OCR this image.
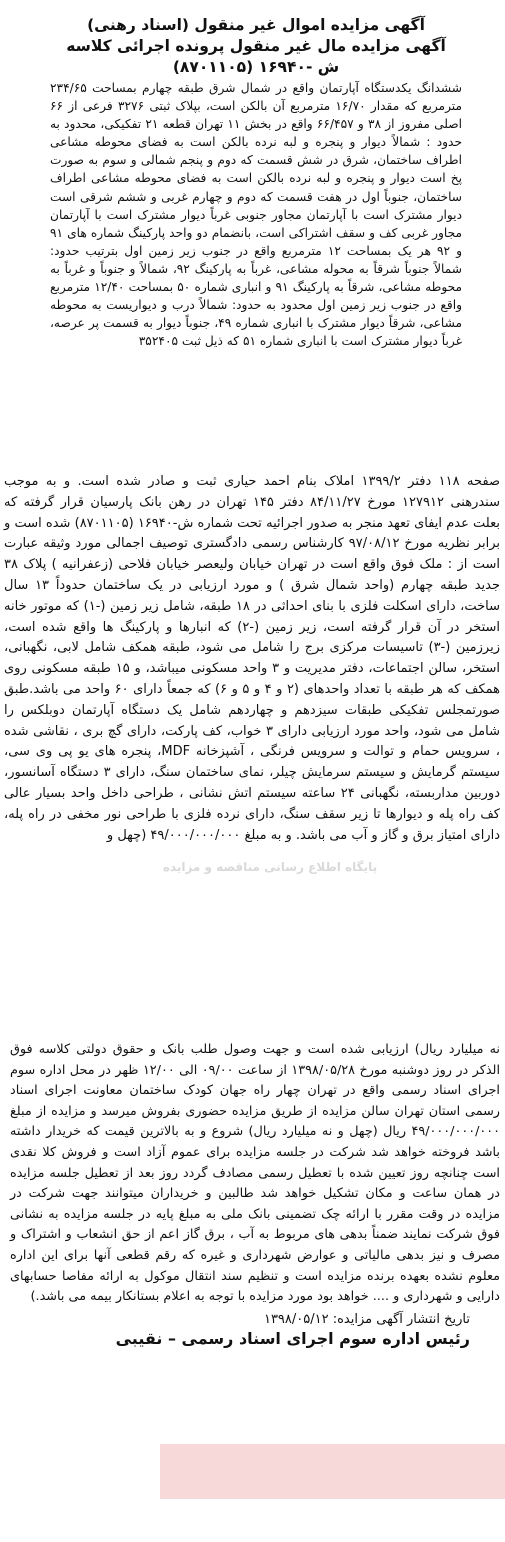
آگهی مزایده اموال غیر منقول (اسناد رهنی)
آگهی مزایده مال غیر منقول پرونده اجرائی کلاسه
ش -۱۶۹۴۰ (۸۷۰۱۱۰۵)

ششدانگ یکدستگاه آپارتمان واقع در شمال شرق طبقه چهارم بمساحت ۲۳۴/۶۵ مترمربع که مقدار ۱۶/۷۰ مترمربع آن بالکن است، بپلاک ثبتی ۳۲۷۶ فرعی از ۶۶ اصلی مفروز از ۳۸ و ۶۶/۴۵۷ واقع در بخش ۱۱ تهران قطعه ۲۱ تفکیکی، محدود به حدود : شمالاً دیوار و پنجره و لبه نرده بالکن است به فضای محوطه مشاعی اطراف ساختمان، شرق در شش قسمت که دوم و پنجم شمالی و سوم به صورت پخ است دیوار و پنجره و لبه نرده بالکن است به فضای محوطه مشاعی اطراف ساختمان، جنوباً اول در هفت قسمت که دوم و چهارم غربی و ششم شرقی است دیوار مشترک است با آپارتمان مجاور جنوبی غرباً دیوار مشترک است با آپارتمان مجاور غربی کف و سقف اشتراکی است، بانضمام دو واحد پارکینگ شماره های ۹۱ و ۹۲ هر یک بمساحت ۱۲ مترمربع واقع در جنوب زیر زمین اول بترتیب حدود: شمالاً جنوباً شرقاً به محوله مشاعی، غرباً به پارکینگ ۹۲، شمالاً و جنوباً و غرباً به محوطه مشاعی، شرقاً به پارکینگ ۹۱ و انباری شماره ۵۰ بمساحت ۱۲/۴۰ مترمربع واقع در جنوب زیر زمین اول محدود به حدود: شمالاً درب و دیواریست به محوطه مشاعی، شرقاً دیوار مشترک با انباری شماره ۴۹، جنوباً دیوار به قسمت پر عرصه، غرباً دیوار مشترک است با انباری شماره ۵۱ که ذیل ثبت ۳۵۲۴۰۵

صفحه ۱۱۸ دفتر ۱۳۹۹/۲ املاک بنام احمد حیاری ثبت و صادر شده است. و به موجب سندرهنی ۱۲۷۹۱۲ مورخ ۸۴/۱۱/۲۷ دفتر ۱۴۵ تهران در رهن بانک پارسیان قرار گرفته که بعلت عدم ایفای تعهد منجر به صدور اجرائیه تحت شماره ش-۱۶۹۴۰ (۸۷۰۱۱۰۵) شده است و برابر نظریه مورخ ۹۷/۰۸/۱۲ کارشناس رسمی دادگستری توصیف اجمالی مورد وثیقه عبارت است از : ملک فوق واقع است در تهران خیابان ولیعصر خیابان فلاحی (زعفرانیه ) پلاک ۳۸ جدید طبقه چهارم (واحد شمال شرق ) و مورد ارزیابی در یک ساختمان حدوداً ۱۳ سال ساخت، دارای اسکلت فلزی با بنای احداثی در ۱۸ طبقه، شامل زیر زمین (-۱) که موتور خانه استخر در آن قرار گرفته است، زیر زمین (-۲) که انبارها و پارکینگ ها واقع شده است، زیرزمین (-۳) تاسیسات مرکزی برج را شامل می شود، طبقه همکف شامل لابی، نگهبانی، استخر، سالن اجتماعات، دفتر مدیریت و ۳ واحد مسکونی میباشد، و ۱۵ طبقه مسکونی روی همکف که هر طبقه با تعداد واحدهای (۲ و ۴ و ۵ و ۶) که جمعاً دارای ۶۰ واحد می باشد.طبق صورتمجلس تفکیکی طبقات سیزدهم و چهاردهم شامل یک دستگاه آپارتمان دوبلکس را شامل می شود، واحد مورد ارزیابی دارای ۳ خواب، کف پارکت، دارای گچ بری ، نقاشی شده ، سرویس حمام و توالت و سرویس فرنگی ، آشپزخانه MDF، پنجره های یو پی وی سی، سیستم گرمایش و سیستم سرمایش چیلر، نمای ساختمان سنگ، دارای ۳ دستگاه آسانسور، دوربین مداربسته، نگهبانی ۲۴ ساعته سیستم اتش نشانی ، طراحی داخل واحد بسیار عالی کف راه پله و دیوارها تا زیر سقف سنگ، دارای نرده فلزی با طراحی نور مخفی در راه پله، دارای امتیاز برق و گاز و آب می باشد. و به مبلغ ۴۹/۰۰۰/۰۰۰/۰۰۰ (چهل و

پایگاه اطلاع رسانی مناقصه و مزایده

نه میلیارد ریال) ارزیابی شده است و جهت وصول طلب بانک و حقوق دولتی کلاسه فوق الذکر در روز دوشنبه مورخ ۱۳۹۸/۰۵/۲۸ از ساعت ۰۹/۰۰ الی ۱۲/۰۰ ظهر در محل اداره سوم اجرای اسناد رسمی واقع در تهران چهار راه جهان کودک ساختمان معاونت اجرای اسناد رسمی استان تهران سالن مزایده از طریق مزایده حضوری بفروش میرسد و مزایده از مبلغ ۴۹/۰۰۰/۰۰۰/۰۰۰ ریال (چهل و نه میلیارد ریال) شروع و به بالاترین قیمت که خریدار داشته باشد فروخته خواهد شد شرکت در جلسه مزایده برای عموم آزاد است و فروش کلا نقدی است چنانچه روز تعیین شده با تعطیل رسمی مصادف گردد روز بعد از تعطیل جلسه مزایده در همان ساعت و مکان تشکیل خواهد شد طالبین و خریداران میتوانند جهت شرکت در مزایده در وقت مقرر با ارائه چک تضمینی بانک ملی به مبلغ پایه در جلسه مزایده به نشانی فوق شرکت نمایند ضمناً بدهی های مربوط به آب ، برق گاز اعم از حق انشعاب و اشتراک و مصرف و نیز بدهی مالیاتی و عوارض شهرداری و غیره که رقم قطعی آنها برای این اداره معلوم نشده بعهده برنده مزایده است و تنظیم سند انتقال موکول به ارائه مفاصا حسابهای دارایی و شهرداری و .... خواهد بود مورد مزایده با توجه به اعلام بستانکار بیمه می باشد.)

تاریخ انتشار آگهی مزایده: ۱۳۹۸/۰۵/۱۲
رئیس اداره سوم اجرای اسناد رسمی – نقیبی
